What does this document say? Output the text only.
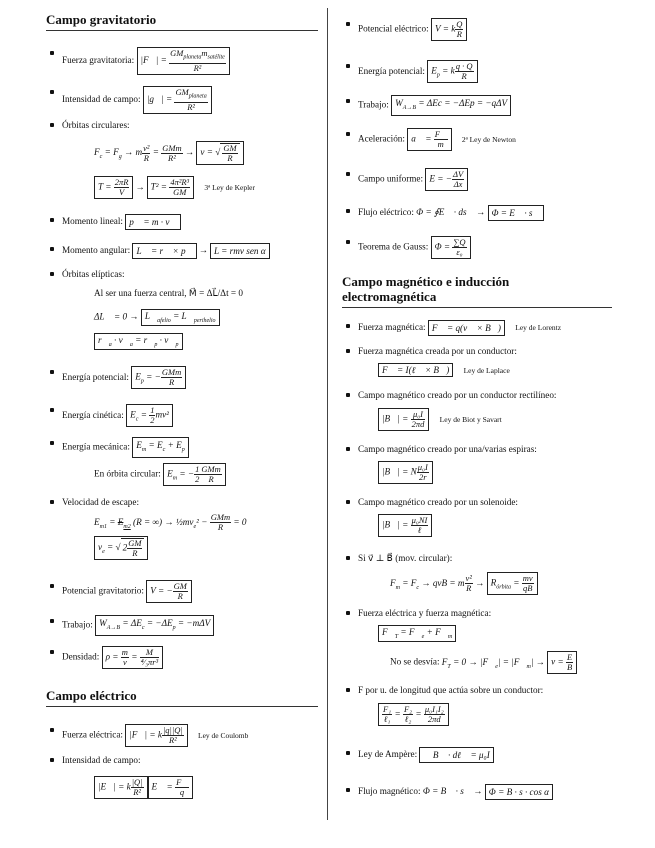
Campo gravitatorio
Fuerza gravitatoria: |F⃗| = $\frac{GM_{planeta}m_{satélite}}{\text{R²}}$
Intensidad de campo: |g⃗| = $\frac{GM_{planeta}}{\text{R²}}$
Órbitas circulares:
$F_c = F_g \to m \frac{\text{v²}}{R} = \frac{\text{GMm}}{\text{R²}} \to v$ = √ $\frac{GM}{R}$
$T = \frac{2\pi R}{V} \to T^2 = \frac{\text{4π²R³}}{GM}$ 3ª Ley de Kepler
Momento lineal: p⃗ = m · v⃗
Momento angular: L⃗ = r⃗ × p⃗ → L = rmv sen α
Órbitas elípticas:
Al ser una fuerza central, M⃗ = ΔL⃗/Δt = 0
ΔL⃗ = $0 \to L⃗_{afelio}$ = $L⃗_{perihelio}$
$r⃗_a$ · $v⃗_a$ = $r⃗_p$ · $v⃗_p$
Energía potencial: $E_p$ = − $\frac{\text{GMm}}{R}$
Energía cinética: $E_c = \frac{1}{2} mv^2$
Energía mecánica: $E_m = E_c + E_p$
En órbita circular: $E_m$ = − $\frac{1}{2} \frac{\text{GMm}}{R}$
Velocidad de escape:
$E_{m1} = E_{m2}$ (R = ∞) → $\frac{1}{2}mv_e^2 - \frac{\text{GMm}}{R} = 0$
$v_e$ = √ $2 \frac{GM}{R}$
Potencial gravitatorio: V = − $\frac{GM}{R}$
Trabajo: $W_{A\to B} = \Delta E_c = -\Delta E_p = -m\Delta V$
Densidad: $\rho = \frac{m}{v} = \frac{M}{\text{⁴⁄₃πr³}}$
Campo eléctrico
Fuerza eléctrica: |F⃗| = k $\frac{|q||Q|}{\text{R²}}$ Ley de Coulomb
Intensidad de campo:
|E⃗| = k $\frac{|Q|}{\text{R²}}$ E⃗ = $\frac{F⃗}{q}$
Potencial eléctrico: V = k $\frac{Q}{R}$
Energía potencial: $E_p = k \frac{q \cdot Q}{R}$
Trabajo: $W_{A\to B} = \Delta Ec = -\Delta Ep = -q\Delta V$
Aceleración: a⃗ = $\frac{F⃗}{m}$ 2ª Ley de Newton
Campo uniforme: E = − $\frac{\Delta V}{\Delta x}$
Flujo eléctrico: Φ = ∮E⃗ · ds⃗ → Φ = E⃗ · s⃗
Teorema de Gauss: $\Phi = \frac{\sum Q}{\text{ε₀}}$
Campo magnético e inducción
electromagnética
Fuerza magnética: F⃗ = q(v⃗ × B⃗) Ley de Lorentz
Fuerza magnética creada por un conductor:
F⃗ = I(ℓ⃗ × B⃗) Ley de Laplace
Campo magnético creado por un conductor rectilíneo:
|B⃗| = $\frac{\text{μ₀I}}{2\pi d}$ Ley de Biot y Savart
Campo magnético creado por una/varias espiras:
|B⃗| = N $\frac{\text{μ₀I}}{2r}$
Campo magnético creado por un solenoide:
|B⃗| = $\frac{\text{μ₀NI}}{\text{ℓ}}$
Si v⃗ ⊥ B⃗ (mov. circular):
$F_m = F_c$ → qvB = m $\frac{\text{v²}}{R} \to R_{órbita} = \frac{mv}{qB}$
Fuerza eléctrica y fuerza magnética:
$F⃗_T$ = $F⃗_e$ + $F⃗_m$
No se desvía: $F_T = 0$ → $|F⃗_e|$ = $|F⃗_m| \to v = \frac{E}{B}$
F por u. de longitud que actúa sobre un conductor:
$\frac{\text{F₁}}{\text{ℓ₁}} = \frac{\text{F₂}}{\text{ℓ₂}} = \frac{\text{μ₀I₁I₂}}{2\pi d}$
Ley de Ampère: ∮ B⃗ · dℓ⃗ = μ₀I
Flujo magnético: Φ = B⃗ · s⃗ → Φ = B · s · cos α
